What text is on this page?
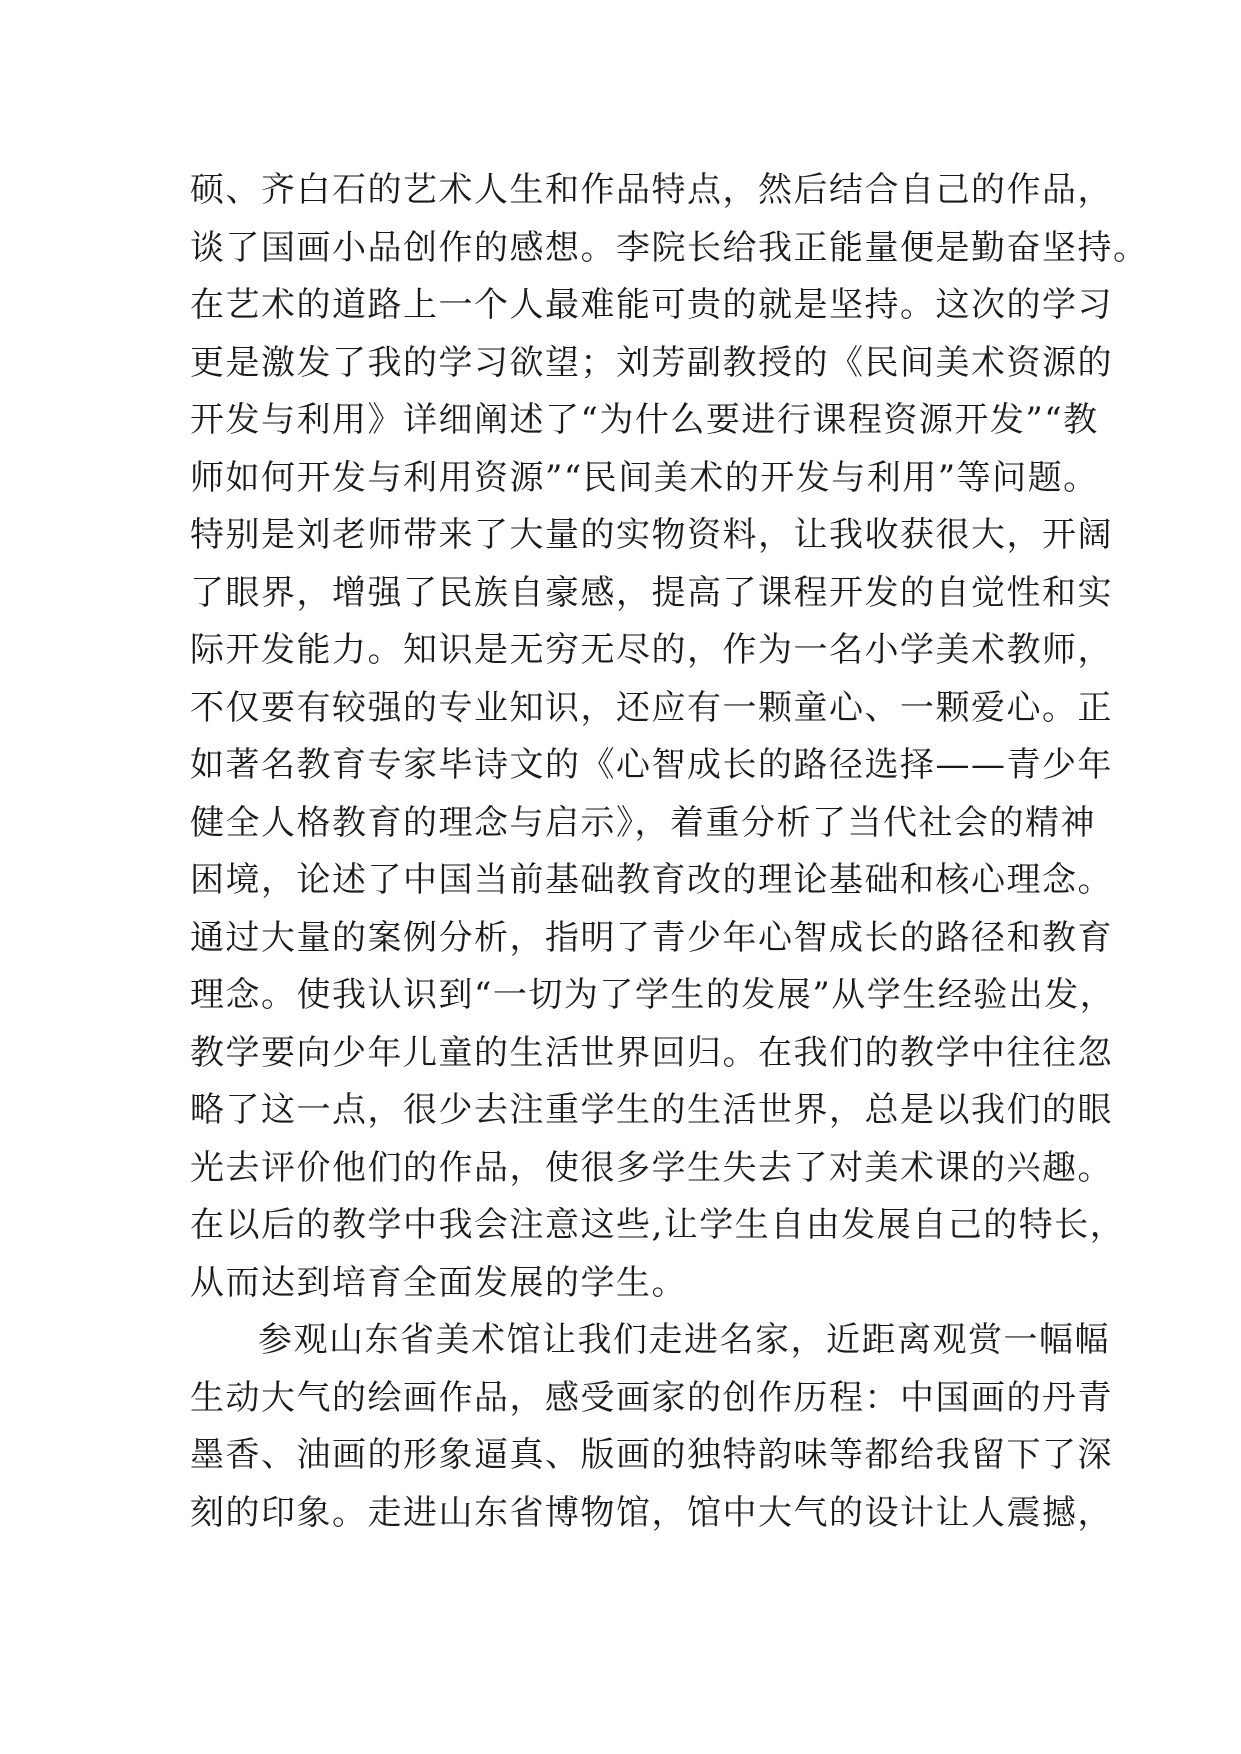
硕、齐白石的艺术人生和作品特点，然后结合自己的作品，
谈了国画小品创作的感想。李院长给我正能量便是勤奋坚持。
在艺术的道路上一个人最难能可贵的就是坚持。这次的学习
更是激发了我的学习欲望；刘芳副教授的《民间美术资源的
开发与利用》详细阐述了“为什么要进行课程资源开发”“教
师如何开发与利用资源”“民间美术的开发与利用”等问题。
特别是刘老师带来了大量的实物资料，让我收获很大，开阔
了眼界，增强了民族自豪感，提高了课程开发的自觉性和实
际开发能力。知识是无穷无尽的，作为一名小学美术教师，
不仅要有较强的专业知识，还应有一颗童心、一颗爱心。正
如著名教育专家毕诗文的《心智成长的路径选择——青少年
健全人格教育的理念与启示》，着重分析了当代社会的精神
困境，论述了中国当前基础教育改的理论基础和核心理念。
通过大量的案例分析，指明了青少年心智成长的路径和教育
理念。使我认识到“一切为了学生的发展”从学生经验出发，
教学要向少年儿童的生活世界回归。在我们的教学中往往忽
略了这一点，很少去注重学生的生活世界，总是以我们的眼
光去评价他们的作品，使很多学生失去了对美术课的兴趣。
在以后的教学中我会注意这些,让学生自由发展自己的特长，
从而达到培育全面发展的学生。
参观山东省美术馆让我们走进名家，近距离观赏一幅幅
生动大气的绘画作品，感受画家的创作历程：中国画的丹青
墨香、油画的形象逼真、版画的独特韵味等都给我留下了深
刻的印象。走进山东省博物馆，馆中大气的设计让人震撼，
